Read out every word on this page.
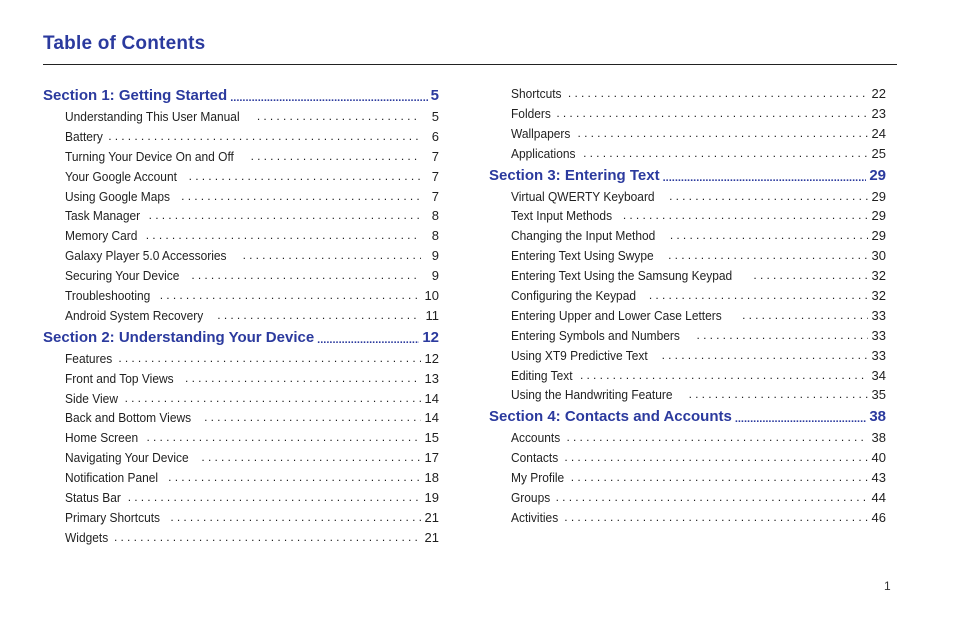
Table of Contents
Section 1: Getting Started .....	5
Understanding This User Manual .....	5
Battery .....	6
Turning Your Device On and Off .....	7
Your Google Account .....	7
Using Google Maps .....	7
Task Manager .....	8
Memory Card .....	8
Galaxy Player 5.0 Accessories .....	9
Securing Your Device .....	9
Troubleshooting .....	10
Android System Recovery .....	11
Section 2: Understanding Your Device .....	12
Features .....	12
Front and Top Views .....	13
Side View .....	14
Back and Bottom Views .....	14
Home Screen .....	15
Navigating Your Device .....	17
Notification Panel .....	18
Status Bar .....	19
Primary Shortcuts .....	21
Widgets .....	21
Shortcuts .....	22
Folders .....	23
Wallpapers .....	24
Applications .....	25
Section 3: Entering Text .....	29
Virtual QWERTY Keyboard .....	29
Text Input Methods .....	29
Changing the Input Method .....	29
Entering Text Using Swype .....	30
Entering Text Using the Samsung Keypad .....	32
Configuring the Keypad .....	32
Entering Upper and Lower Case Letters .....	33
Entering Symbols and Numbers .....	33
Using XT9 Predictive Text .....	33
Editing Text .....	34
Using the Handwriting Feature .....	35
Section 4: Contacts and Accounts .....	38
Accounts .....	38
Contacts .....	40
My Profile .....	43
Groups .....	44
Activities .....	46
1
